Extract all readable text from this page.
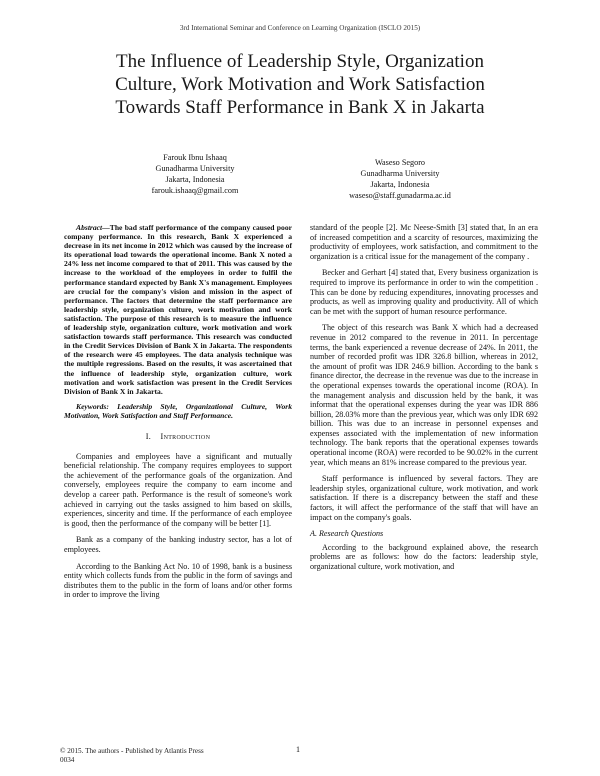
3rd International Seminar and Conference on Learning Organization (ISCLO 2015)
The Influence of Leadership Style, Organization
Culture, Work Motivation and Work Satisfaction
Towards Staff Performance in Bank X in Jakarta
Farouk Ibnu Ishaaq
Gunadharma University
Jakarta, Indonesia
farouk.ishaaq@gmail.com
Waseso Segoro
Gunadharma University
Jakarta, Indonesia
waseso@staff.gunadarma.ac.id

Abstract—The bad staff performance of the company caused poor company performance. In this research, Bank X experienced a decrease in its net income in 2012 which was caused by the increase of its operational load towards the operational income. Bank X noted a 24% less net income compared to that of 2011. This was caused by the increase to the workload of the employees in order to fulfil the performance standard expected by Bank X's management. Employees are crucial for the company's vision and mission in the aspect of performance. The factors that determine the staff performance are leadership style, organization culture, work motivation and work satisfaction. The purpose of this research is to measure the influence of leadership style, organization culture, work motivation and work satisfaction towards staff performance. This research was conducted in the Credit Services Division of Bank X in Jakarta. The respondents of the research were 45 employees. The data analysis technique was the multiple regressions. Based on the results, it was ascertained that the influence of leadership style, organization culture, work motivation and work satisfaction was present in the Credit Services Division of Bank X in Jakarta.

Keywords: Leadership Style, Organizational Culture, Work Motivation, Work Satisfaction and Staff Performance.

I. Introduction

Companies and employees have a significant and mutually beneficial relationship. The company requires employees to support the achievement of the performance goals of the organization. And conversely, employees require the company to earn income and develop a career path. Performance is the result of someone's work achieved in carrying out the tasks assigned to him based on skills, experiences, sincerity and time. If the performance of each employee is good, then the performance of the company will be better [1].

Bank as a company of the banking industry sector, has a lot of employees.

According to the Banking Act No. 10 of 1998, bank is a business entity which collects funds from the public in the form of savings and distributes them to the public in the form of loans and/or other forms in order to improve the living

standard of the people [2]. Mc Neese-Smith [3] stated that, In an era of increased competition and a scarcity of resources, maximizing the productivity of employees, work satisfaction, and commitment to the organization is a critical issue for the management of the company .

Becker and Gerhart [4] stated that, Every business organization is required to improve its performance in order to win the competition . This can be done by reducing expenditures, innovating processes and products, as well as improving quality and productivity. All of which can be met with the support of human resource performance.

The object of this research was Bank X which had a decreased revenue in 2012 compared to the revenue in 2011. In percentage terms, the bank experienced a revenue decrease of 24%. In 2011, the number of recorded profit was IDR 326.8 billion, whereas in 2012, the amount of profit was IDR 246.9 billion. According to the bank s finance director, the decrease in the revenue was due to the increase in the operational expenses towards the operational income (ROA). In the management analysis and discussion held by the bank, it was informat that the operational expenses during the year was IDR 886 billion, 28.03% more than the previous year, which was only IDR 692 billion. This was due to an increase in personnel expenses and expenses associated with the implementation of new information technology. The bank reports that the operational expenses towards operational income (ROA) were recorded to be 90.02% in the current year, which means an 81% increase compared to the previous year.

Staff performance is influenced by several factors. They are leadership styles, organizational culture, work motivation, and work satisfaction. If there is a discrepancy between the staff and these factors, it will affect the performance of the staff that will have an impact on the company's goals.

A. Research Questions

According to the background explained above, the research problems are as follows: how do the factors: leadership style, organizational culture, work motivation, and

© 2015. The authors - Published by Atlantis Press
0034
1
